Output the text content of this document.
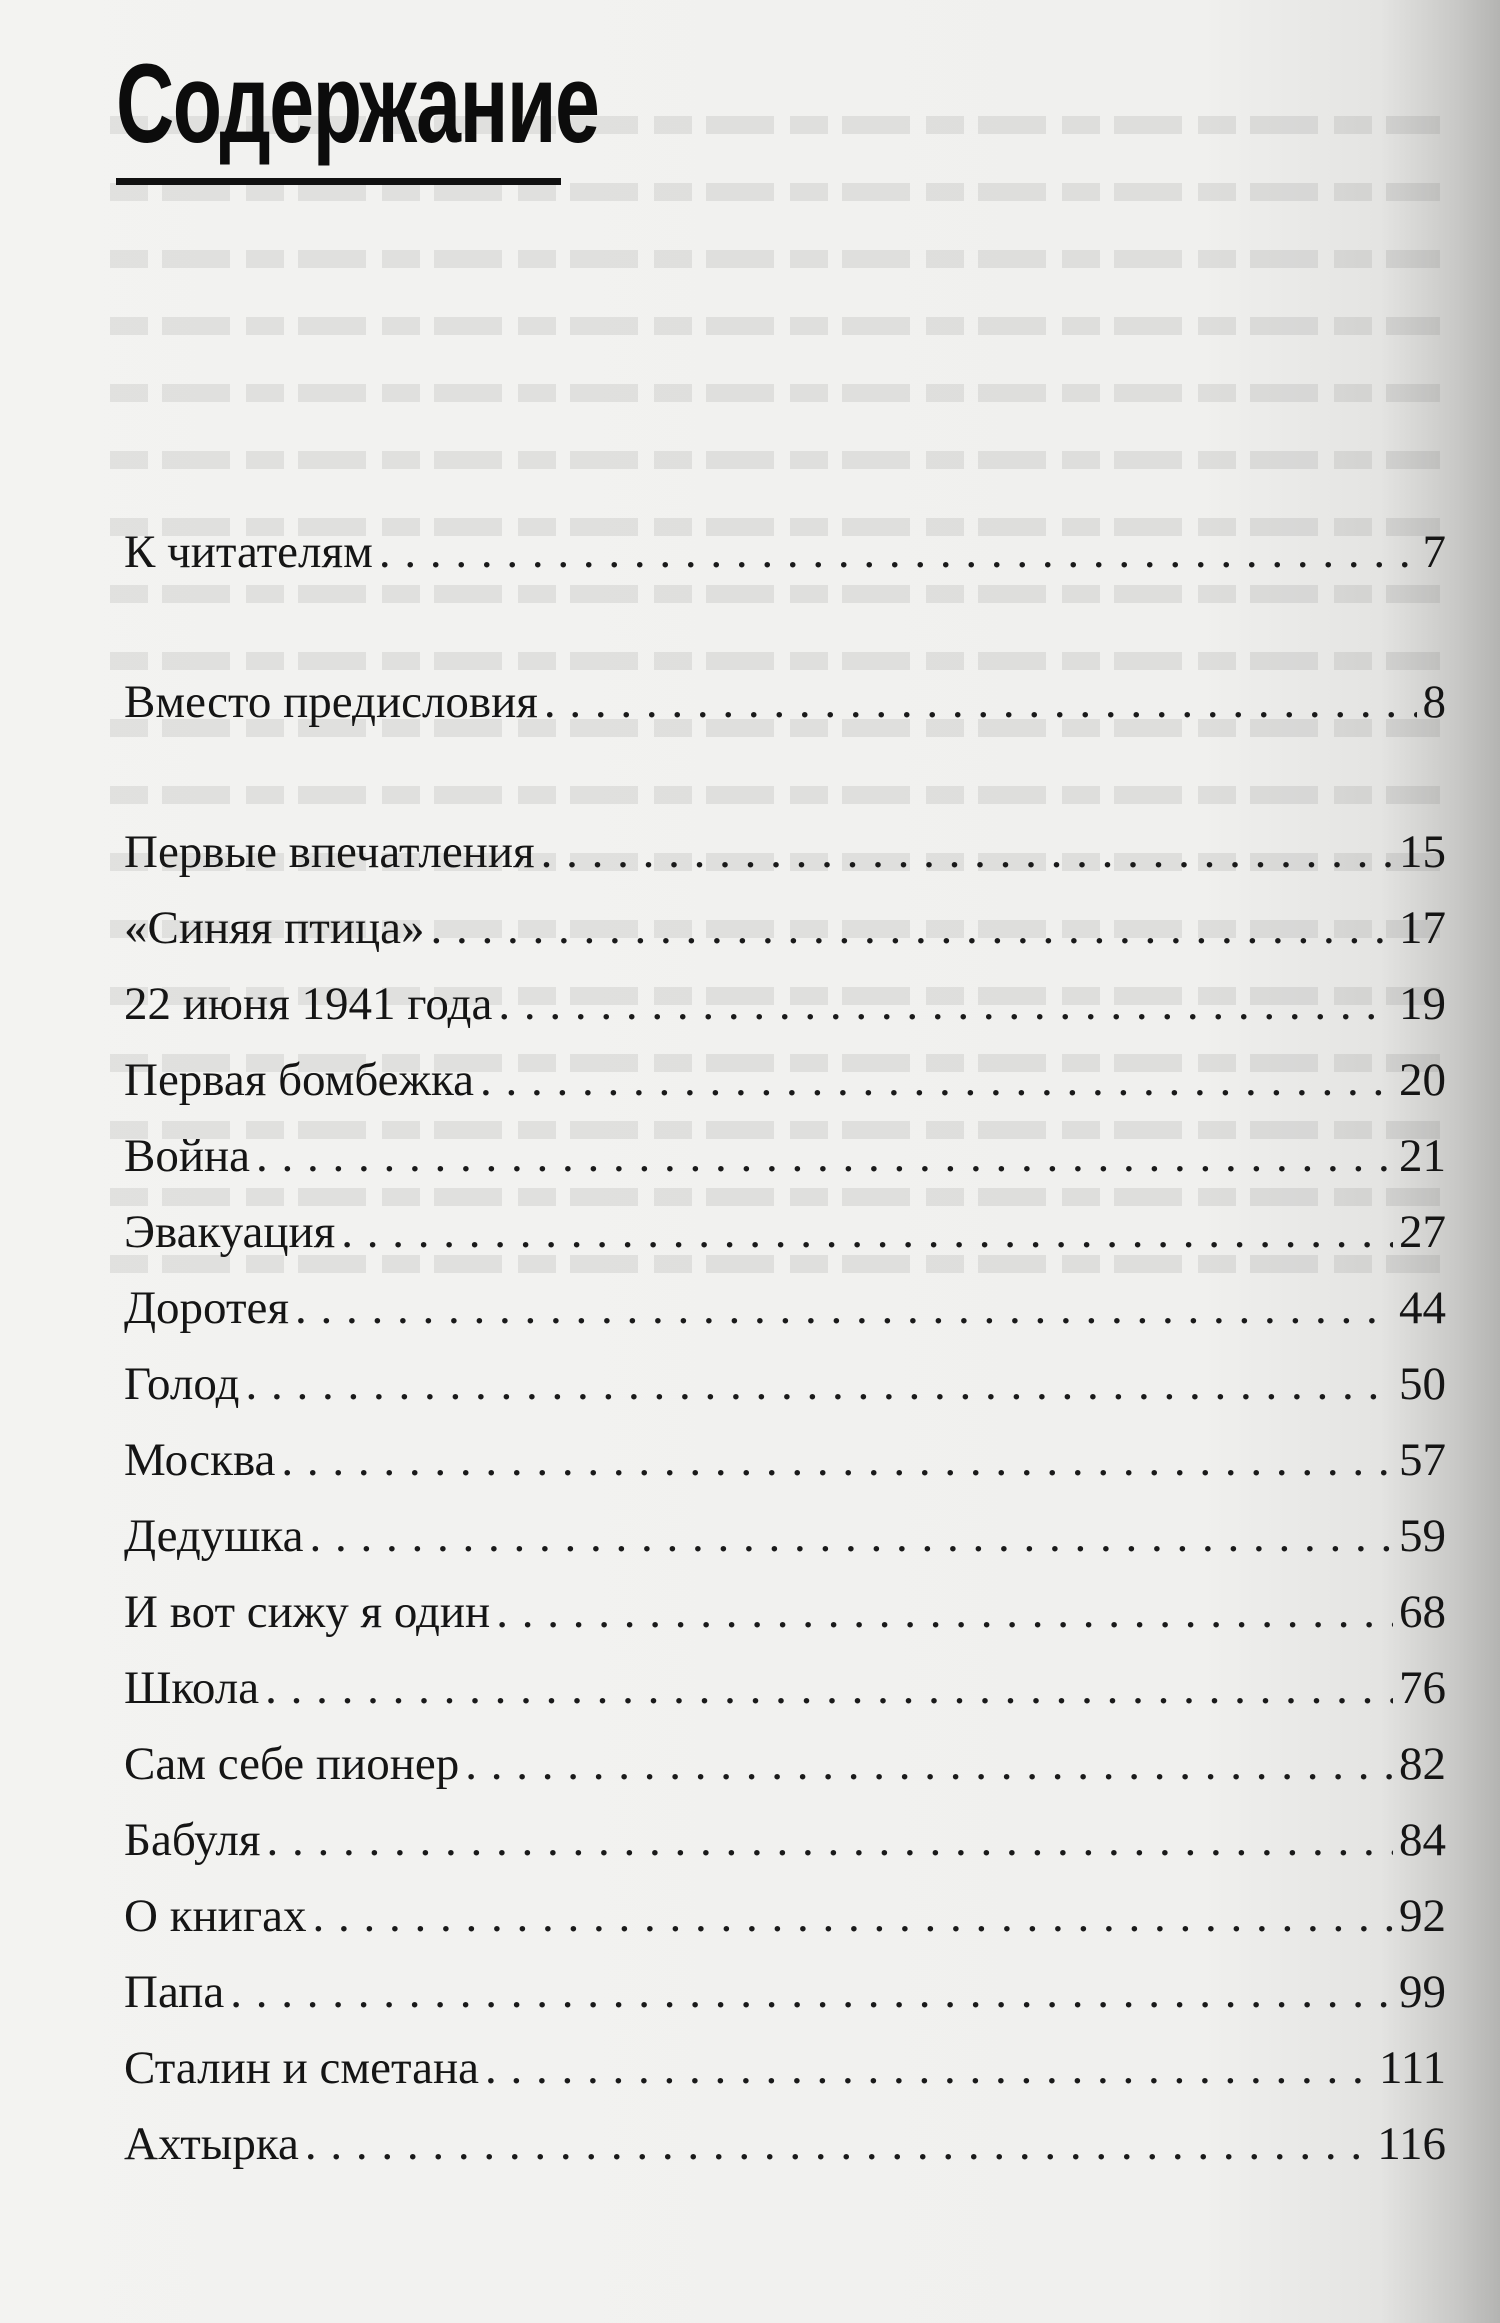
Содержание
К читателям . . .	7
Вместо предисловия . . .	8
Первые впечатления . . .	15
«Синяя птица» . . .	17
22 июня 1941 года . . .	19
Первая бомбежка . . .	20
Война . . .	21
Эвакуация . . .	27
Доротея . . .	44
Голод . . .	50
Москва . . .	57
Дедушка . . .	59
И вот сижу я один . . .	68
Школа . . .	76
Сам себе пионер . . .	82
Бабуля . . .	84
О книгах . . .	92
Папа . . .	99
Сталин и сметана . . .	111
Ахтырка . . .	116
